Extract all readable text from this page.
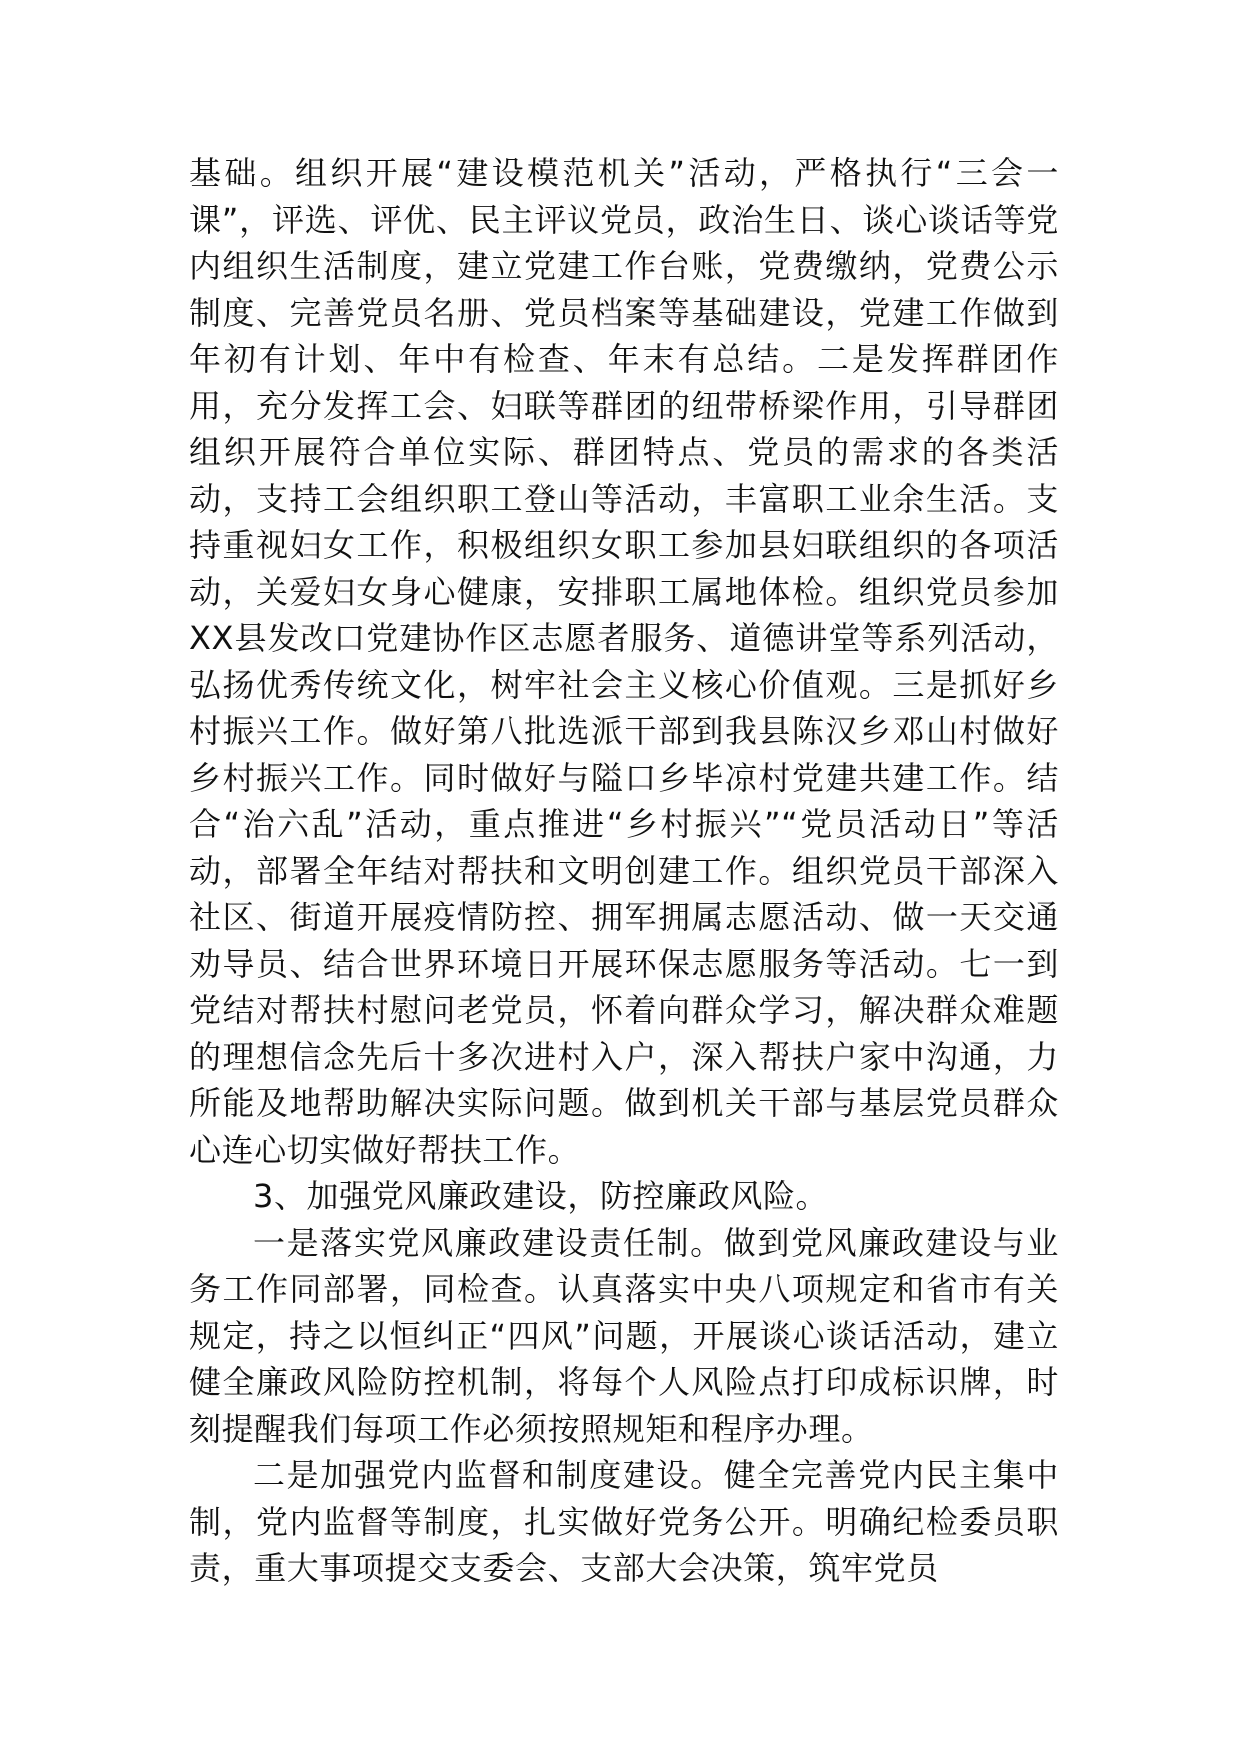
基础。组织开展“建设模范机关”活动，严格执行“三会一课”，评选、评优、民主评议党员，政治生日、谈心谈话等党内组织生活制度，建立党建工作台账，党费缴纳，党费公示制度、完善党员名册、党员档案等基础建设，党建工作做到年初有计划、年中有检查、年末有总结。二是发挥群团作用，充分发挥工会、妇联等群团的纽带桥梁作用，引导群团组织开展符合单位实际、群团特点、党员的需求的各类活动，支持工会组织职工登山等活动，丰富职工业余生活。支持重视妇女工作，积极组织女职工参加县妇联组织的各项活动，关爱妇女身心健康，安排职工属地体检。组织党员参加XX县发改口党建协作区志愿者服务、道德讲堂等系列活动，弘扬优秀传统文化，树牢社会主义核心价值观。三是抓好乡村振兴工作。做好第八批选派干部到我县陈汉乡邓山村做好乡村振兴工作。同时做好与隘口乡毕凉村党建共建工作。结合“治六乱”活动，重点推进“乡村振兴”“党员活动日”等活动，部署全年结对帮扶和文明创建工作。组织党员干部深入社区、街道开展疫情防控、拥军拥属志愿活动、做一天交通劝导员、结合世界环境日开展环保志愿服务等活动。七一到党结对帮扶村慰问老党员，怀着向群众学习，解决群众难题的理想信念先后十多次进村入户，深入帮扶户家中沟通，力所能及地帮助解决实际问题。做到机关干部与基层党员群众心连心切实做好帮扶工作。

3、加强党风廉政建设，防控廉政风险。

一是落实党风廉政建设责任制。做到党风廉政建设与业务工作同部署，同检查。认真落实中央八项规定和省市有关规定，持之以恒纠正“四风”问题，开展谈心谈话活动，建立健全廉政风险防控机制，将每个人风险点打印成标识牌，时刻提醒我们每项工作必须按照规矩和程序办理。

二是加强党内监督和制度建设。健全完善党内民主集中制，党内监督等制度，扎实做好党务公开。明确纪检委员职责，重大事项提交支委会、支部大会决策，筑牢党员
